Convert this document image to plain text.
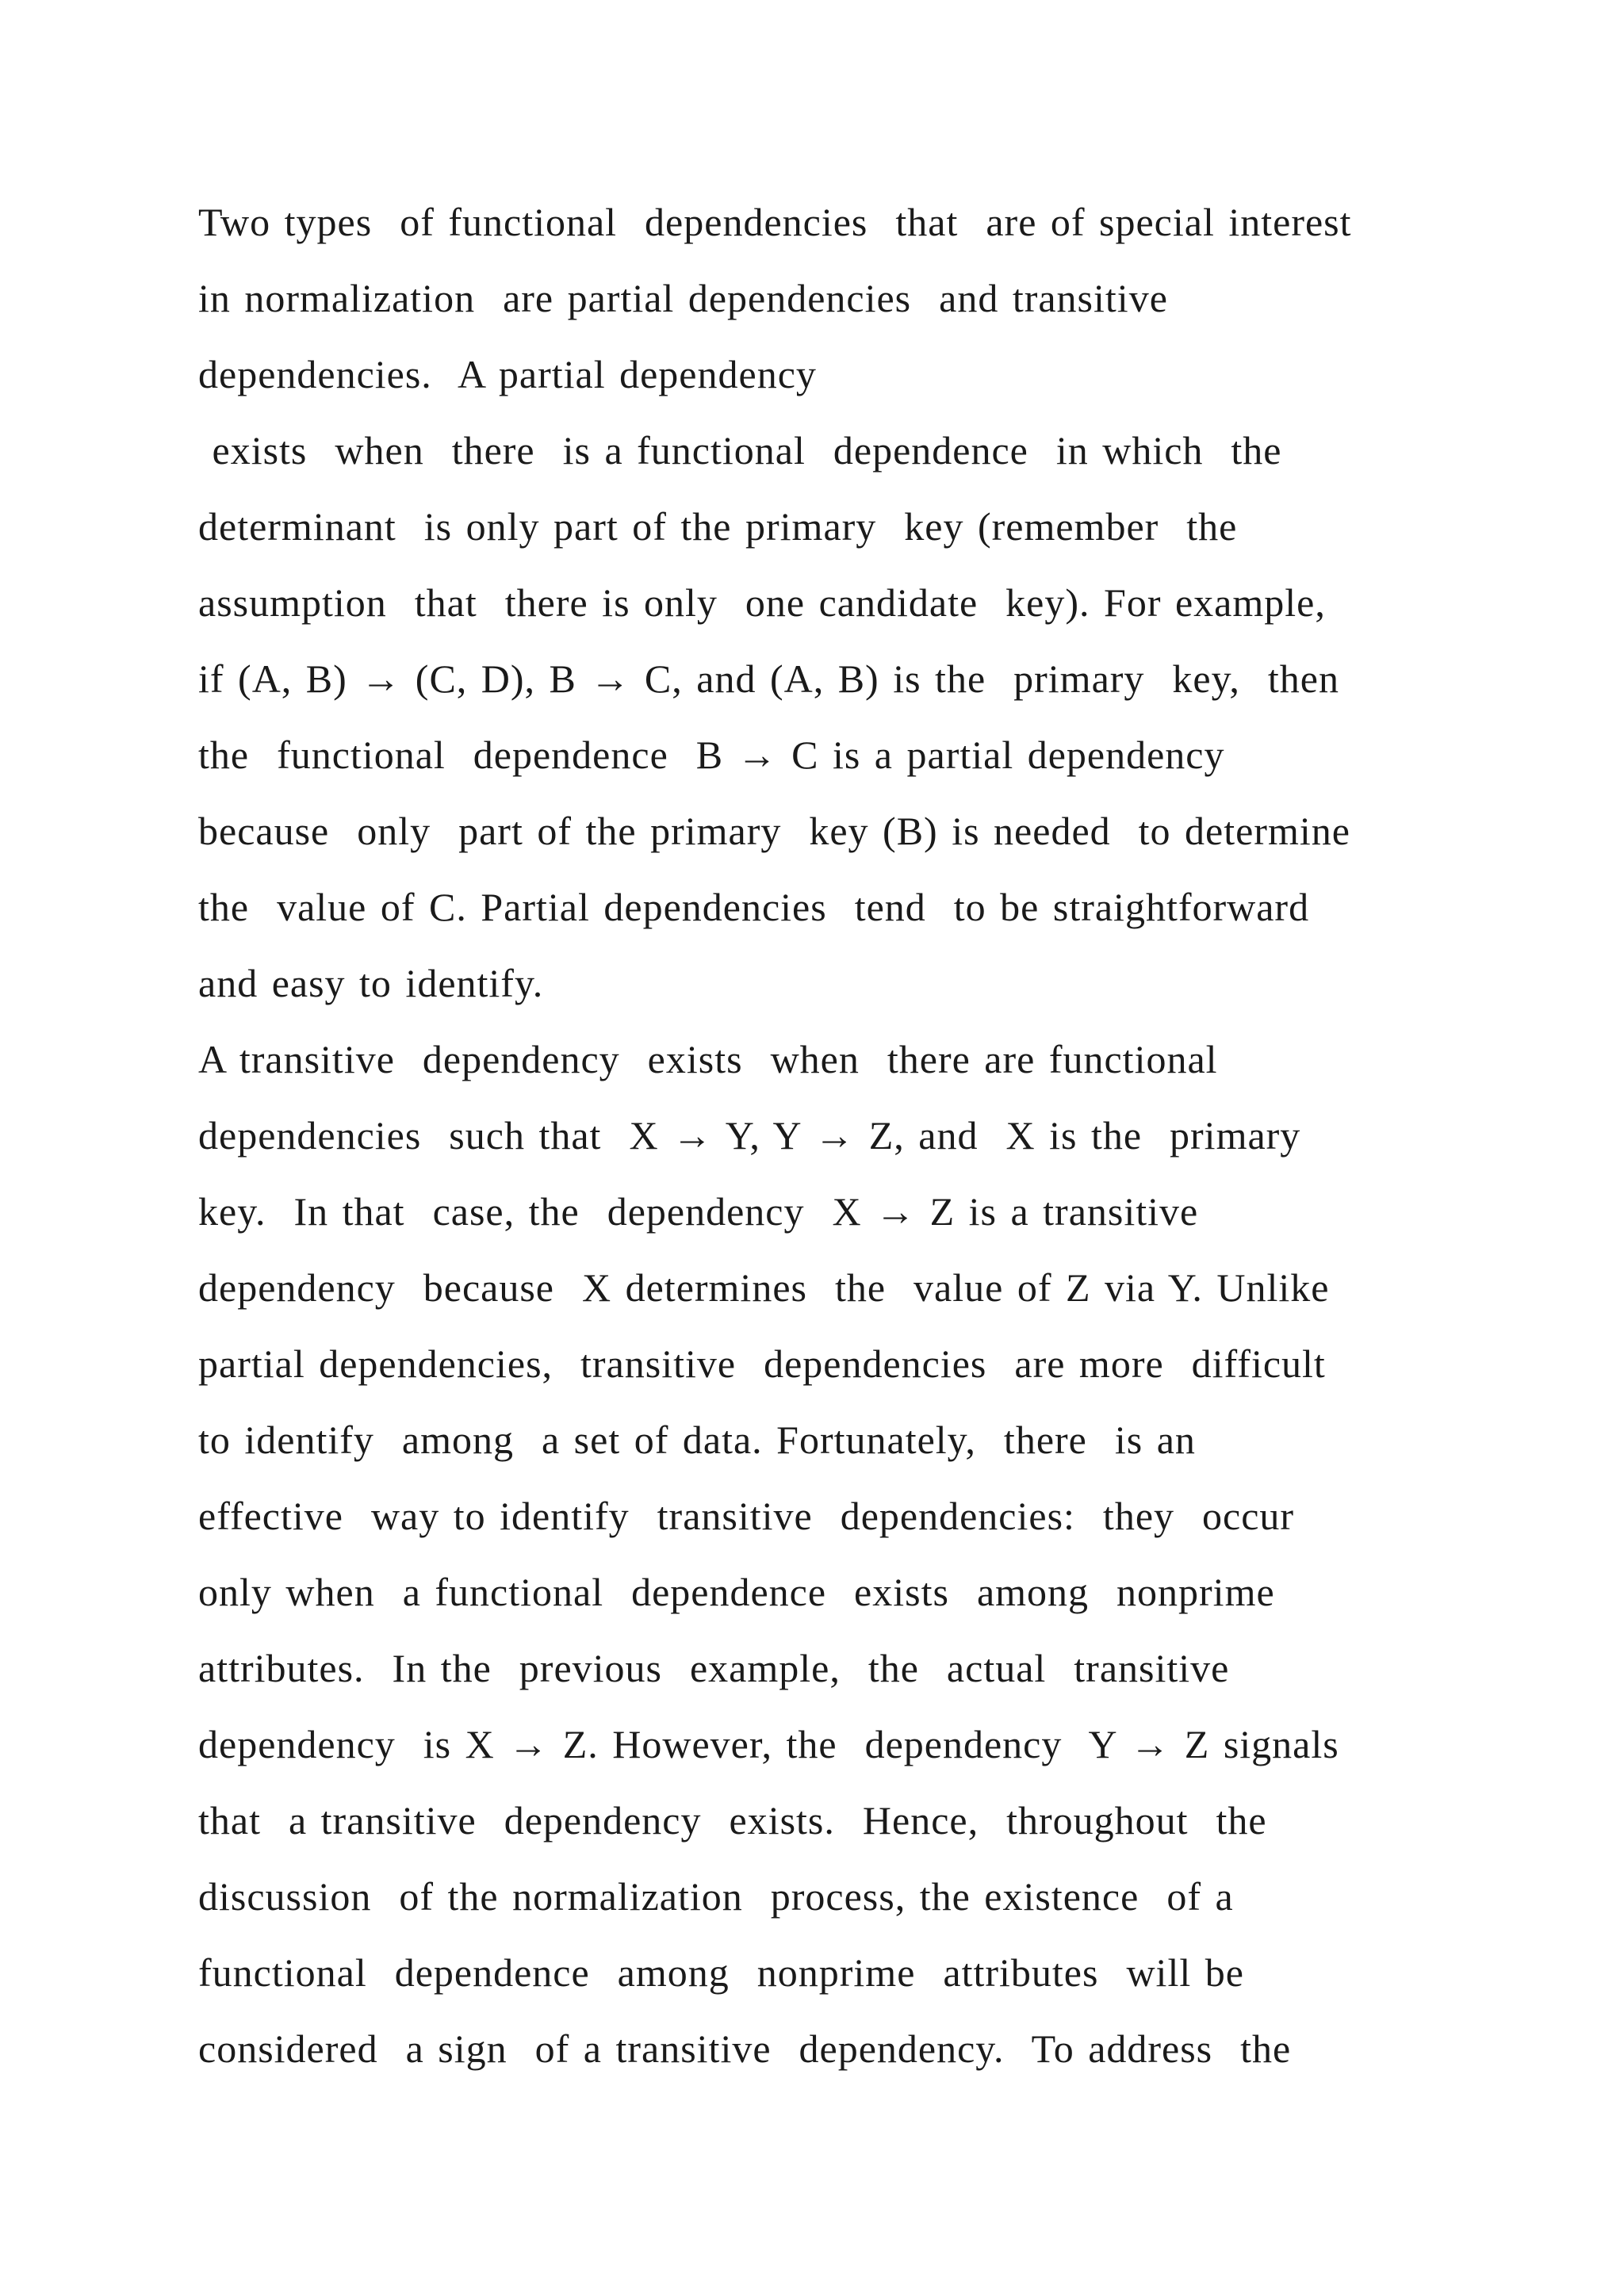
Two types  of functional  dependencies  that  are of special interest
in normalization  are partial dependencies  and transitive
dependencies.  A partial dependency
exists  when  there  is a functional  dependence  in which  the
determinant  is only part of the primary  key (remember  the
assumption  that  there is only  one candidate  key). For example,
if (A, B) → (C, D), B → C, and (A, B) is the  primary  key,  then
the  functional  dependence  B → C is a partial dependency
because  only  part of the primary  key (B) is needed  to determine
the  value of C. Partial dependencies  tend  to be straightforward
and easy to identify.
A transitive  dependency  exists  when  there are functional
dependencies  such that  X → Y, Y → Z, and  X is the  primary
key.  In that  case, the  dependency  X → Z is a transitive
dependency  because  X determines  the  value of Z via Y. Unlike
partial dependencies,  transitive  dependencies  are more  difficult
to identify  among  a set of data. Fortunately,  there  is an
effective  way to identify  transitive  dependencies:  they  occur
only when  a functional  dependence  exists  among  nonprime
attributes.  In the  previous  example,  the  actual  transitive
dependency  is X → Z. However, the  dependency  Y → Z signals
that  a transitive  dependency  exists.  Hence,  throughout  the
discussion  of the normalization  process, the existence  of a
functional  dependence  among  nonprime  attributes  will be
considered  a sign  of a transitive  dependency.  To address  the
